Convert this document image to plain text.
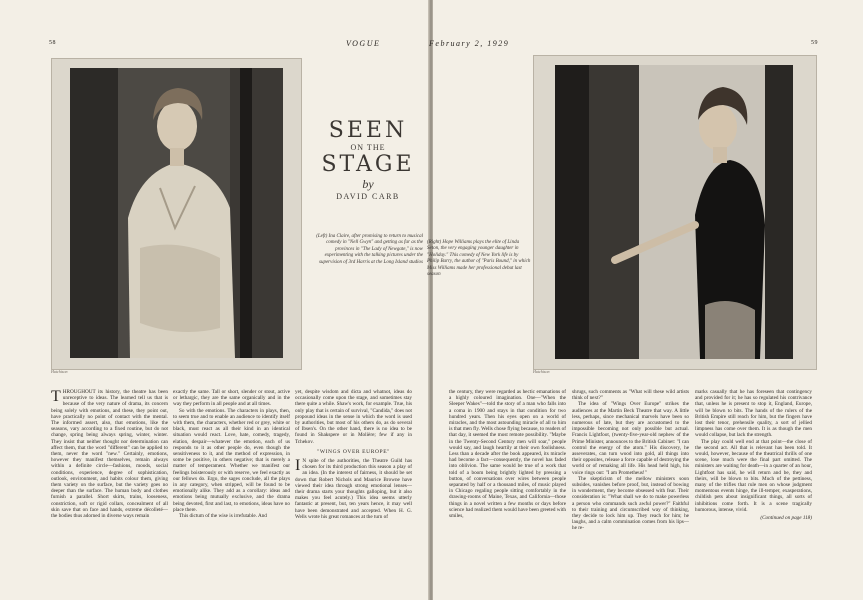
58	VOGUE
Hutchison
SEEN
ON THE
STAGE
by
DAVID CARB
(Left) Ina Claire, after promising to return to musical comedy in "Nell Gwyn" and getting as far as the provinces in "The Lady of Newgate," is now experimenting with the talking pictures under the supervision of 3rd Harris at the Long Island studios

THROUGHOUT its history, the theatre has been unreceptive to ideas. The learned tell us that is because of the very nature of drama, its concern being solely with emotions, and these, they point out, have practically no point of contact with the mental. The informed assert, also, that emotions, like the seasons, vary according to a fixed routine, but do not change, spring being always spring, winter, winter. They insist that neither thought nor determination can affect them, that the word "different" can be applied to them, never the word "new." Certainly, emotions, however they manifest themselves, remain always within a definite circle—fashions, moods, social conditions, experience, degree of sophistication, outlook, environment, and habits colour them, giving them variety on the surface, but the variety goes no deeper than the surface. The human body and clothes furnish a parallel. Short skirts, trains, looseness, constriction, soft or rigid collars, concealment of all skin save that on face and hands, extreme décolleté—the bodies thus adorned in diverse ways remain

exactly the same. Tall or short, slender or stout, active or lethargic, they are the same organically and in the way they perform in all people and at all times.

So with the emotions. The characters in plays, then, to seem true and to enable an audience to identify itself with them, the characters, whether red or grey, white or black, must react as all their kind in an identical situation would react. Love, hate, comedy, tragedy, elation, despair—whatever the emotion, each of us responds to it as other people do, even though the sensitiveness to it, and the method of expression, in some be positive, in others negative; that is merely a matter of temperament. Whether we manifest our feelings boisterously or with reserve, we feel exactly as our fellows do. Ergo, the sages conclude, all the plays in any category, when stripped, will be found to be emotionally alike. They add as a corollary: ideas and emotions being mutually exclusive, and the drama being devoted, first and last, to emotions, ideas have no place there.

This dictum of the wise is irrefutable. And

yet, despite wisdom and dicta and whatnot, ideas do occasionally come upon the stage, and sometimes stay there quite a while. Shaw's work, for example. True, his only play that is certain of survival, "Candida," does not propound ideas in the sense in which the word is used by authorities, but most of his others do, as do several of Ibsen's. On the other hand, there is no idea to be found in Shakspere or in Molière; few if any in Tchekov.

"WINGS OVER EUROPE"

I N spite of the authorities, the Theatre Guild has chosen for its third production this season a play of an idea. (In the interest of fairness, it should be set down that Robert Nichols and Maurice Browne have viewed their idea through strong emotional lenses—their drama starts your thoughts galloping, but it also makes you feel acutely.) This idea seems utterly fantastic at present, but, ten years hence, it may well have been demonstrated and accepted. When H. G. Wells wrote his great romances at the turn of

February 2, 1929	59
(Right) Hope Williams plays the elite of Linda Seton, the very engaging younger daughter in "Holiday." This comedy of New York life is by Philip Barry, the author of "Paris Bound," in which Miss Williams made her professional debut last season
Hutchison

the century, they were regarded as hectic emanations of a highly coloured imagination. One—"When the Sleeper Wakes"—told the story of a man who falls into a coma in 1900 and stays in that condition for two hundred years. Then his eyes open on a world of miracles, and the most astounding miracle of all to him is that men fly. Wells chose flying because, to readers of that day, it seemed the most remote possibility. "Maybe in the Twenty-Second Century men will soar," people would say, and laugh heartily at their own foolishness. Less than a decade after the book appeared, its miracle had become a fact—consequently, the novel has faded into oblivion. The same would be true of a work that told of a boom being brightly lighted by pressing a button, of conversations over wires between people separated by half or a thousand miles, of music played in Chicago regaling people sitting comfortably in the drawing-rooms of Maine, Texas, and California—those things in a novel written a few months or days before science had realized them would have been greeted with smiles,

shrugs, such comments as "What will these wild artists think of next?"

The idea of "Wings Over Europe" strikes the audiences at the Martin Beck Theatre that way. A little less, perhaps, since mechanical marvels have been so numerous of late, but they are accustomed to the impossible becoming not only possible but actual. Francis Lightfoot, (twenty-five-year-old nephew of the Prime Minister, announces to the British Cabinet: "I can control the energy of the atom." His discovery, he asseverates, can turn wood into gold, all things into their opposites, release a force capable of destroying the world or of remaking all life. His head held high, his voice rings out: "I am Prometheus!"

The skepticism of the mellow ministers soon subsides, vanishes before proof, but, instead of bowing in wonderment, they become obsessed with fear. Their consideration is: "What shall we do to make powerless a person who commands such awful power?" Faithful to their training and circumscribed way of thinking, they decide to lock him up. They reach for him; he laughs, and a calm commination comes from his lips—he re-

marks casually that he has foreseen that contingency and provided for it; he has so regulated his contrivance that, unless he is present to stop it, England, Europe, will be blown to bits. The hands of the rulers of the British Empire still reach for him, but the fingers have lost their tenor, prehensile quality, a sort of jellied limpness has come over them. It is as though the men would collapse, but lack the strength.

The play could well end at that point—the close of the second act. All that is relevant has been told. It would, however, because of the theatrical thrills of one scene, lose much were the final part omitted. The ministers are waiting for death—in a quarter of an hour, Lightfoot has said, he will return and be, they and theirs, will be blown to bits. Much of the pettiness, many of the trifles that rule men on whose judgment momentous events hinge, the ill-temper, exasperations, childish pets about insignificant things, all sorts of inhibitions come forth. It is a scene tragically humorous, intense, vivid.

(Continued on page 118)
